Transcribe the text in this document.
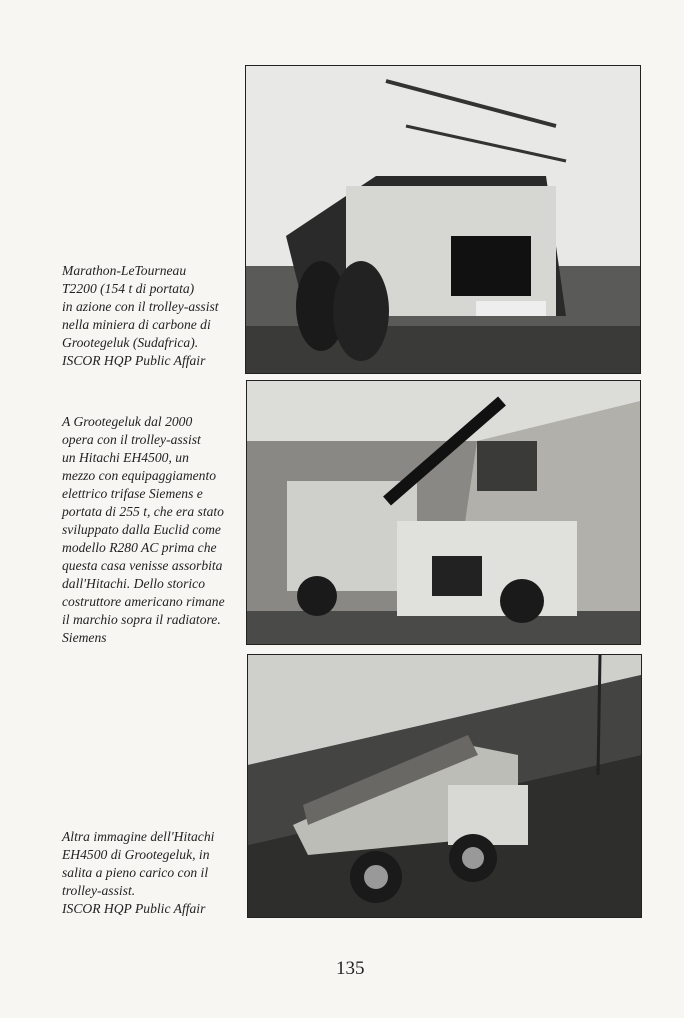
Marathon-LeTourneau
T2200 (154 t di portata)
in azione con il trolley-assist
nella miniera di carbone di
Grootegeluk (Sudafrica).
ISCOR HQP Public Affair
A Grootegeluk dal 2000
opera con il trolley-assist
un Hitachi EH4500, un
mezzo con equipaggiamento
elettrico trifase Siemens e
portata di 255 t, che era stato
sviluppato dalla Euclid come
modello R280 AC prima che
questa casa venisse assorbita
dall'Hitachi. Dello storico
costruttore americano rimane
il marchio sopra il radiatore.
Siemens
Altra immagine dell'Hitachi
EH4500 di Grootegeluk, in
salita a pieno carico con il
trolley-assist.
ISCOR HQP Public Affair
135
